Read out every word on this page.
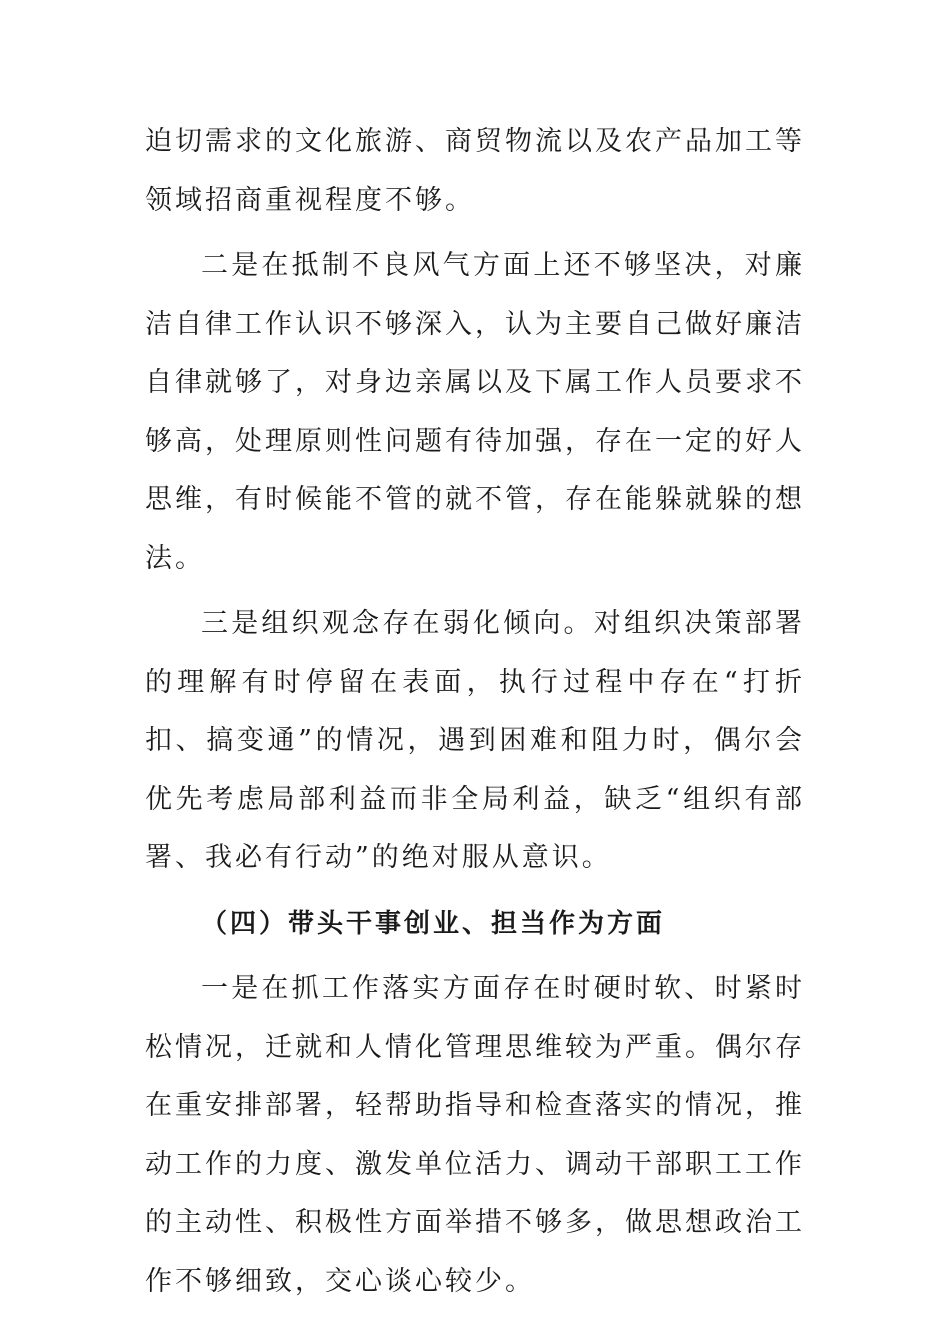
迫切需求的文化旅游、商贸物流以及农产品加工等领域招商重视程度不够。

二是在抵制不良风气方面上还不够坚决，对廉洁自律工作认识不够深入，认为主要自己做好廉洁自律就够了，对身边亲属以及下属工作人员要求不够高，处理原则性问题有待加强，存在一定的好人思维，有时候能不管的就不管，存在能躲就躲的想法。

三是组织观念存在弱化倾向。对组织决策部署的理解有时停留在表面，执行过程中存在“打折扣、搞变通”的情况，遇到困难和阻力时，偶尔会优先考虑局部利益而非全局利益，缺乏“组织有部署、我必有行动”的绝对服从意识。

（四）带头干事创业、担当作为方面

一是在抓工作落实方面存在时硬时软、时紧时松情况，迁就和人情化管理思维较为严重。偶尔存在重安排部署，轻帮助指导和检查落实的情况，推动工作的力度、激发单位活力、调动干部职工工作的主动性、积极性方面举措不够多，做思想政治工作不够细致，交心谈心较少。
